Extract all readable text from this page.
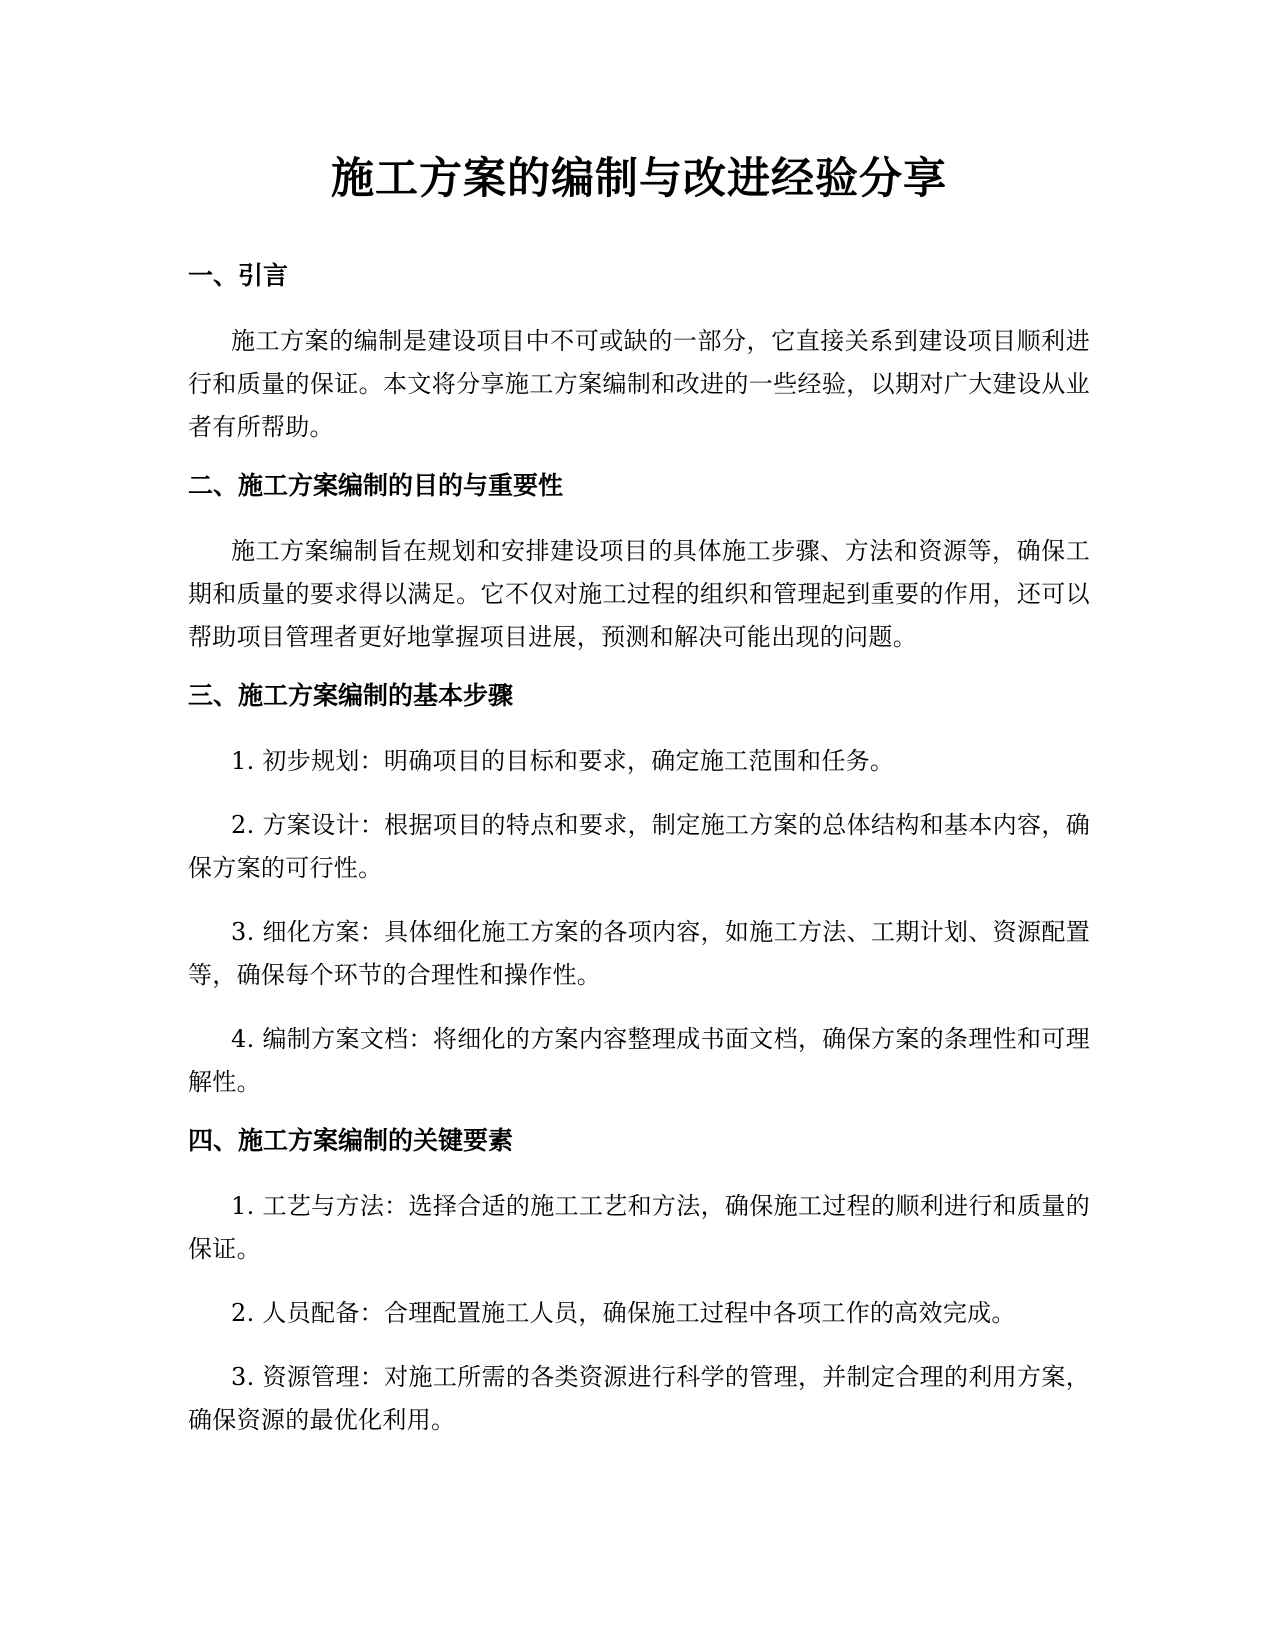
施工方案的编制与改进经验分享
一、引言

施工方案的编制是建设项目中不可或缺的一部分，它直接关系到建设项目顺利进行和质量的保证。本文将分享施工方案编制和改进的一些经验，以期对广大建设从业者有所帮助。

二、施工方案编制的目的与重要性

施工方案编制旨在规划和安排建设项目的具体施工步骤、方法和资源等，确保工期和质量的要求得以满足。它不仅对施工过程的组织和管理起到重要的作用，还可以帮助项目管理者更好地掌握项目进展，预测和解决可能出现的问题。

三、施工方案编制的基本步骤

1. 初步规划：明确项目的目标和要求，确定施工范围和任务。

2. 方案设计：根据项目的特点和要求，制定施工方案的总体结构和基本内容，确保方案的可行性。

3. 细化方案：具体细化施工方案的各项内容，如施工方法、工期计划、资源配置等，确保每个环节的合理性和操作性。

4. 编制方案文档：将细化的方案内容整理成书面文档，确保方案的条理性和可理解性。

四、施工方案编制的关键要素

1. 工艺与方法：选择合适的施工工艺和方法，确保施工过程的顺利进行和质量的保证。

2. 人员配备：合理配置施工人员，确保施工过程中各项工作的高效完成。

3. 资源管理：对施工所需的各类资源进行科学的管理，并制定合理的利用方案，确保资源的最优化利用。
